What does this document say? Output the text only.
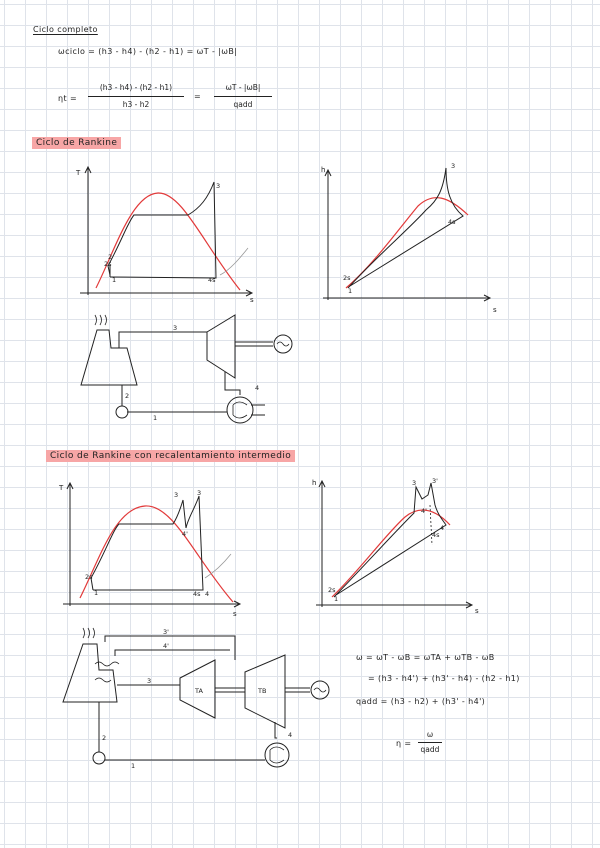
Ciclo completo
ωciclo = (h3 - h4) - (h2 - h1) = ωT - |ωB|
ηt =
(h3 - h4) - (h2 - h1)
h3 - h2
=
ωT - |ωB|
qadd
Ciclo de Rankine
T
s
1
2s
2
3
4s
h
s
1
2s
3
4s
3
4
1
2
Ciclo de Rankine con recalentamiento intermedio
T
s
1
2s
3	3
4'
4s 4
h
s
1
2s
3 3'
4'
4s
4
3'
4'
3
TA	TB
4
1
2
ω = ωT - ωB = ωTA + ωTB - ωB
= (h3 - h4') + (h3' - h4) - (h2 - h1)
qadd = (h3 - h2) + (h3' - h4')
η =
ω
qadd
